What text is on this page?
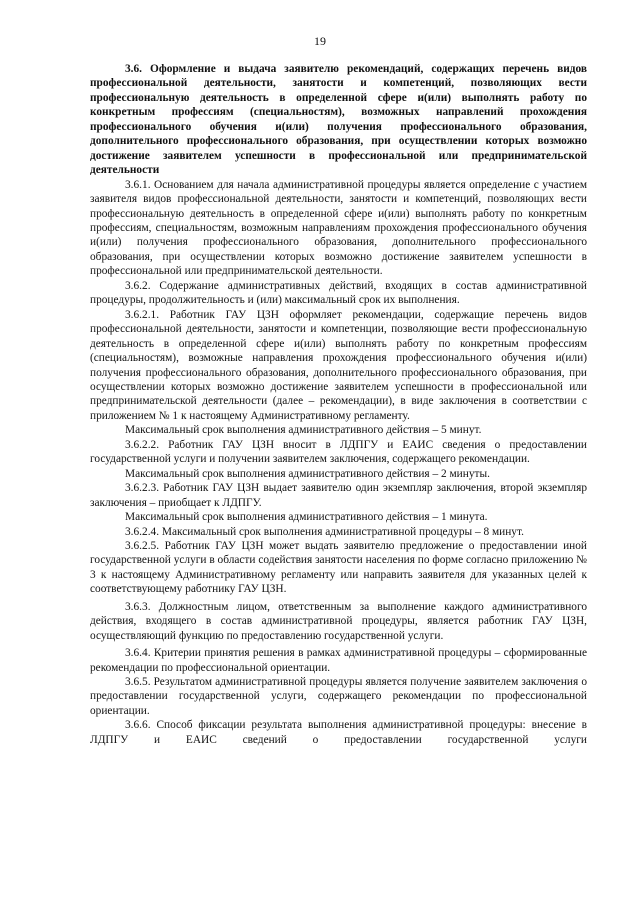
19

3.6. Оформление и выдача заявителю рекомендаций, содержащих перечень видов профессиональной деятельности, занятости и компетенций, позволяющих вести профессиональную деятельность в определенной сфере и(или) выполнять работу по конкретным профессиям (специальностям), возможных направлений прохождения профессионального обучения и(или) получения профессионального образования, дополнительного профессионального образования, при осуществлении которых возможно достижение заявителем успешности в профессиональной или предпринимательской деятельности

3.6.1. Основанием для начала административной процедуры является определение с участием заявителя видов профессиональной деятельности, занятости и компетенций, позволяющих вести профессиональную деятельность в определенной сфере и(или) выполнять работу по конкретным профессиям, специальностям, возможным направлениям прохождения профессионального обучения и(или) получения профессионального образования, дополнительного профессионального образования, при осуществлении которых возможно достижение заявителем успешности в профессиональной или предпринимательской деятельности.

3.6.2. Содержание административных действий, входящих в состав административной процедуры, продолжительность и (или) максимальный срок их выполнения.

3.6.2.1. Работник ГАУ ЦЗН оформляет рекомендации, содержащие перечень видов профессиональной деятельности, занятости и компетенции, позволяющие вести профессиональную деятельность в определенной сфере и(или) выполнять работу по конкретным профессиям (специальностям), возможные направления прохождения профессионального обучения и(или) получения профессионального образования, дополнительного профессионального образования, при осуществлении которых возможно достижение заявителем успешности в профессиональной или предпринимательской деятельности (далее – рекомендации), в виде заключения в соответствии с приложением № 1 к настоящему Административному регламенту.

Максимальный срок выполнения административного действия – 5 минут.

3.6.2.2. Работник ГАУ ЦЗН вносит в ЛДПГУ и ЕАИС сведения о предоставлении государственной услуги и получении заявителем заключения, содержащего рекомендации.

Максимальный срок выполнения административного действия – 2 минуты.

3.6.2.3. Работник ГАУ ЦЗН выдает заявителю один экземпляр заключения, второй экземпляр заключения – приобщает к ЛДПГУ.

Максимальный срок выполнения административного действия – 1 минута.

3.6.2.4. Максимальный срок выполнения административной процедуры – 8 минут.

3.6.2.5. Работник ГАУ ЦЗН может выдать заявителю предложение о предоставлении иной государственной услуги в области содействия занятости населения по форме согласно приложению № 3 к настоящему Административному регламенту или направить заявителя для указанных целей к соответствующему работнику ГАУ ЦЗН.

3.6.3. Должностным лицом, ответственным за выполнение каждого административного действия, входящего в состав административной процедуры, является работник ГАУ ЦЗН, осуществляющий функцию по предоставлению государственной услуги.

3.6.4. Критерии принятия решения в рамках административной процедуры – сформированные рекомендации по профессиональной ориентации.

3.6.5. Результатом административной процедуры является получение заявителем заключения о предоставлении государственной услуги, содержащего рекомендации по профессиональной ориентации.

3.6.6. Способ фиксации результата выполнения административной процедуры: внесение в ЛДПГУ и ЕАИС сведений о предоставлении государственной услуги
